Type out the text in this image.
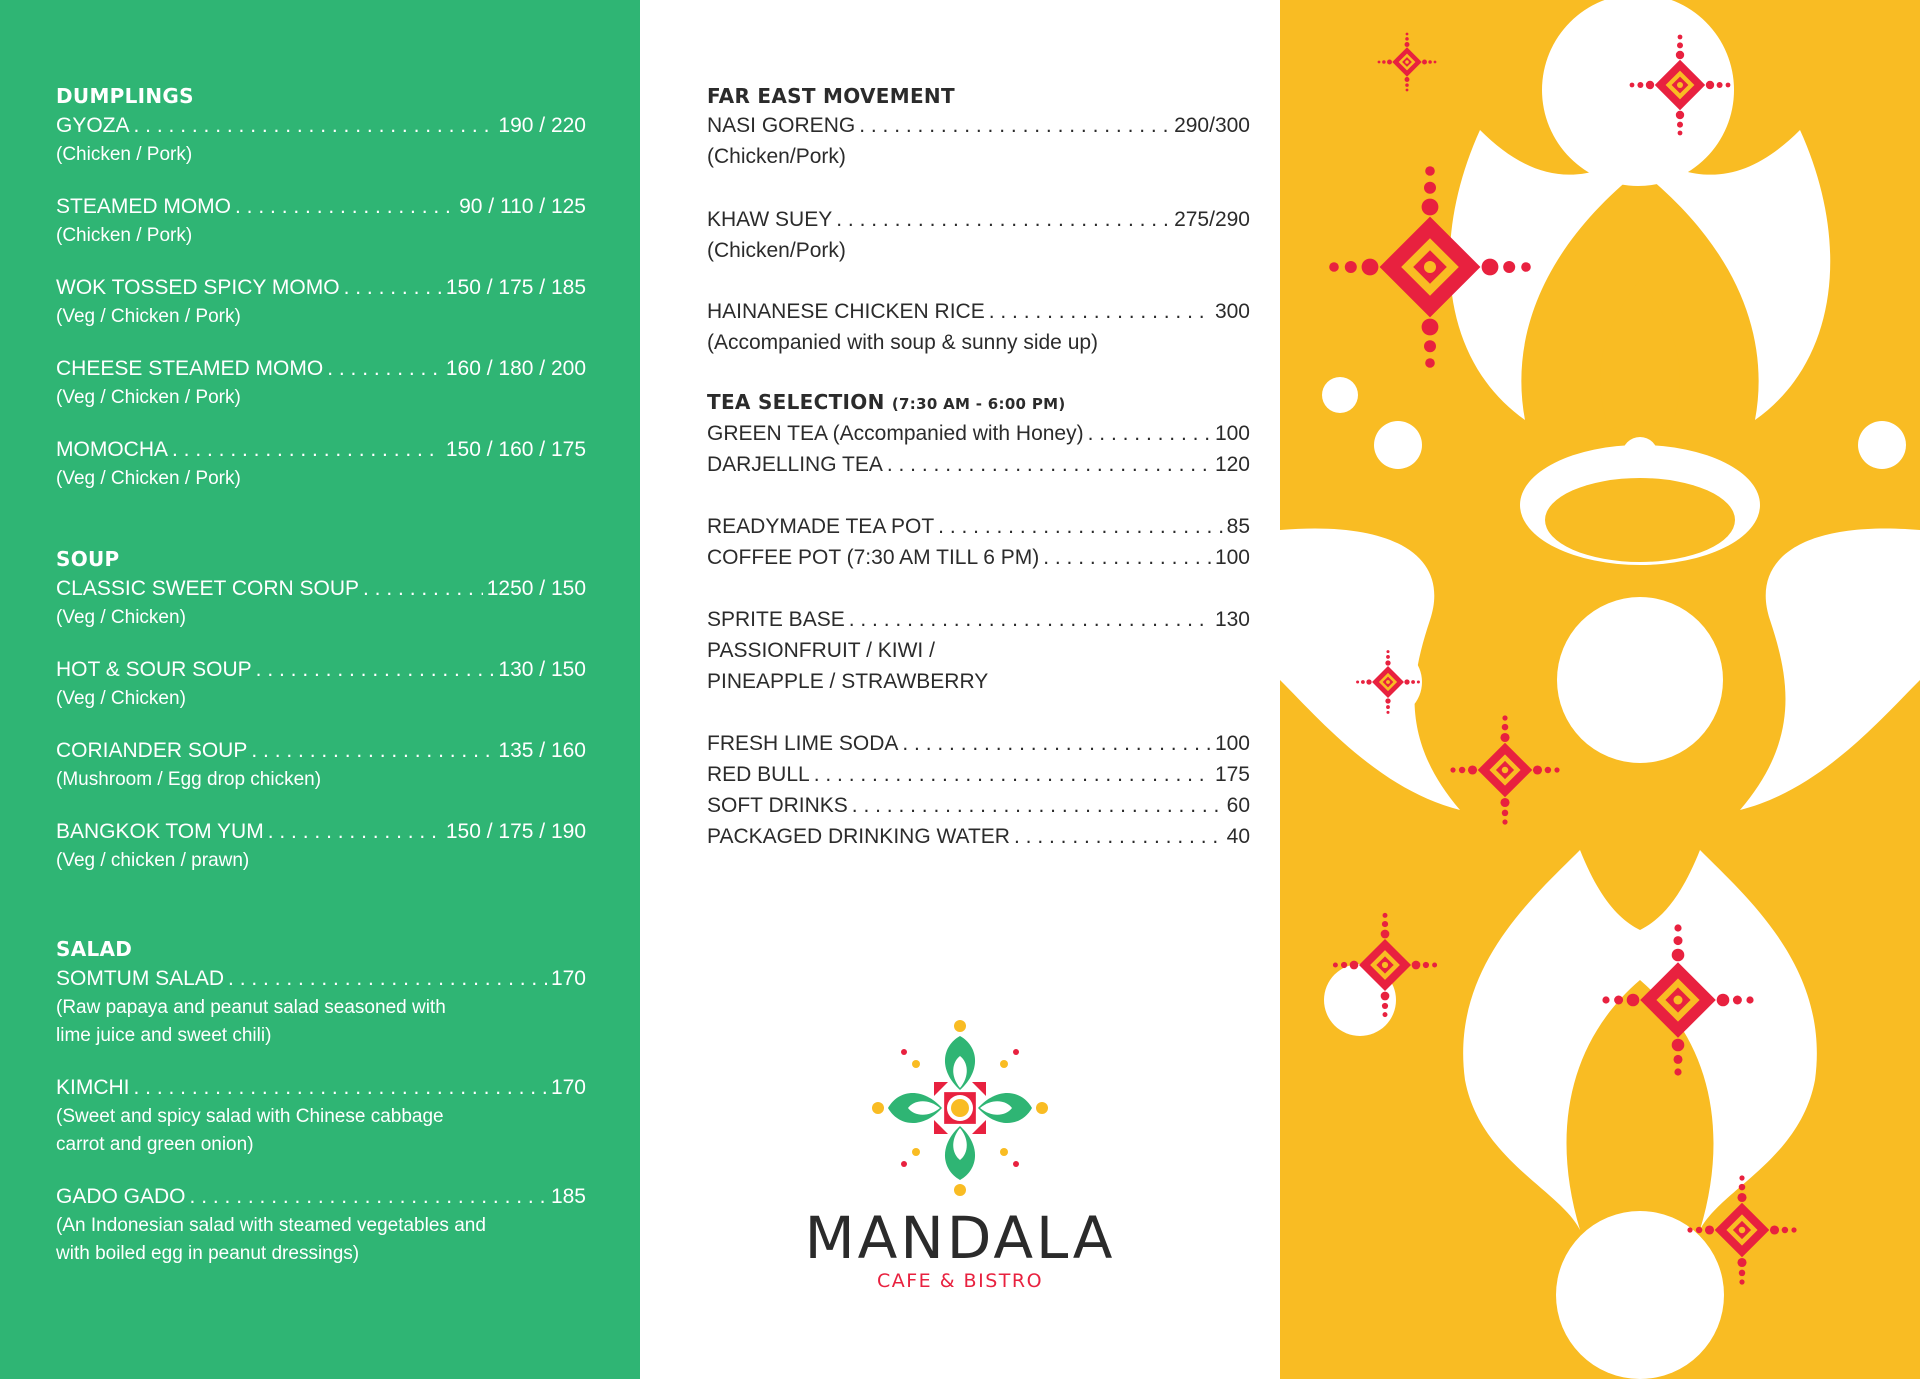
DUMPLINGS
GYOZA . . .	190 / 220
(Chicken / Pork)
STEAMED MOMO . . .	90 / 110 / 125
(Chicken / Pork)
WOK TOSSED SPICY MOMO . . .	150 / 175 / 185
(Veg / Chicken / Pork)
CHEESE STEAMED MOMO . . .	160 / 180 / 200
(Veg / Chicken / Pork)
MOMOCHA . . .	150 / 160 / 175
(Veg / Chicken / Pork)
SOUP
CLASSIC SWEET CORN SOUP . . .	1250 / 150
(Veg / Chicken)
HOT & SOUR SOUP . . .	130 / 150
(Veg / Chicken)
CORIANDER SOUP . . .	135 / 160
(Mushroom / Egg drop chicken)
BANGKOK TOM YUM . . .	150 / 175 / 190
(Veg / chicken / prawn)
SALAD
SOMTUM SALAD . . .	170
(Raw papaya and peanut salad seasoned with
lime juice and sweet chili)
KIMCHI . . .	170
(Sweet and spicy salad with Chinese cabbage
carrot and green onion)
GADO GADO . . .	185
(An Indonesian salad with steamed vegetables and
with boiled egg in peanut dressings)
FAR EAST MOVEMENT
NASI GORENG . . .	290/300
(Chicken/Pork)
KHAW SUEY . . .	275/290
(Chicken/Pork)
HAINANESE CHICKEN RICE . . .	300
(Accompanied with soup & sunny side up)
TEA SELECTION (7:30 AM - 6:00 PM)
GREEN TEA (Accompanied with Honey) . . .	100
DARJELLING TEA . . .	120
READYMADE TEA POT . . .	85
COFFEE POT (7:30 AM TILL 6 PM) . . .	100
SPRITE BASE . . .	130
PASSIONFRUIT / KIWI /
PINEAPPLE / STRAWBERRY
FRESH LIME SODA . . .	100
RED BULL . . .	175
SOFT DRINKS . . .	60
PACKAGED DRINKING WATER . . .	40
MANDALA
CAFE & BISTRO
